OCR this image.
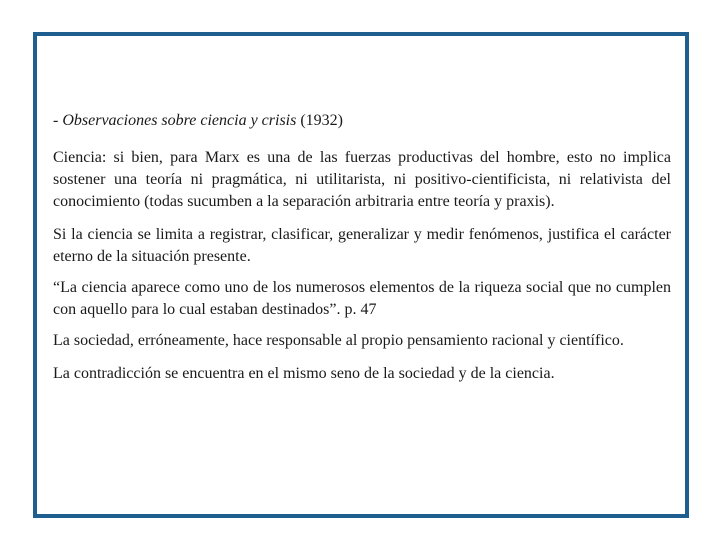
- Observaciones sobre ciencia y crisis (1932)

Ciencia: si bien, para Marx es una de las fuerzas productivas del hombre, esto no implica sostener una teoría ni pragmática, ni utilitarista, ni positivo-cientificista, ni relativista del conocimiento (todas sucumben a la separación arbitraria entre teoría y praxis).

Si la ciencia se limita a registrar, clasificar, generalizar y medir fenómenos, justifica el carácter eterno de la situación presente.

“La ciencia aparece como uno de los numerosos elementos de la riqueza social que no cumplen con aquello para lo cual estaban destinados”. p. 47

La sociedad, erróneamente, hace responsable al propio pensamiento racional y científico.

La contradicción se encuentra en el mismo seno de la sociedad y de la ciencia.
